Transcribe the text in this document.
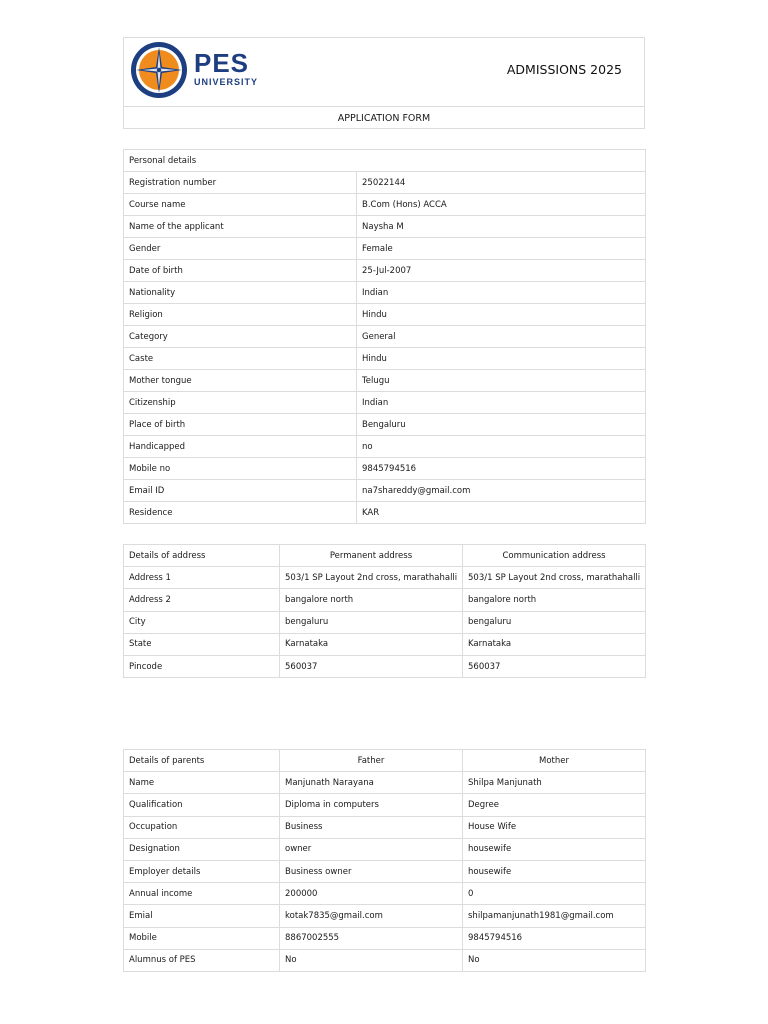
PES
UNIVERSITY
ADMISSIONS 2025
APPLICATION FORM
Personal details	
Registration number	25022144
Course name	B.Com (Hons) ACCA
Name of the applicant	Naysha M
Gender	Female
Date of birth	25-Jul-2007
Nationality	Indian
Religion	Hindu
Category	General
Caste	Hindu
Mother tongue	Telugu
Citizenship	Indian
Place of birth	Bengaluru
Handicapped	no
Mobile no	9845794516
Email ID	na7shareddy@gmail.com
Residence	KAR
Details of address	Permanent address	Communication address
Address 1	503/1 SP Layout 2nd cross, marathahalli	503/1 SP Layout 2nd cross, marathahalli
Address 2	bangalore north	bangalore north
City	bengaluru	bengaluru
State	Karnataka	Karnataka
Pincode	560037	560037
Details of parents	Father	Mother
Name	Manjunath Narayana	Shilpa Manjunath
Qualification	Diploma in computers	Degree
Occupation	Business	House Wife
Designation	owner	housewife
Employer details	Business owner	housewife
Annual income	200000	0
Emial	kotak7835@gmail.com	shilpamanjunath1981@gmail.com
Mobile	8867002555	9845794516
Alumnus of PES	No	No
